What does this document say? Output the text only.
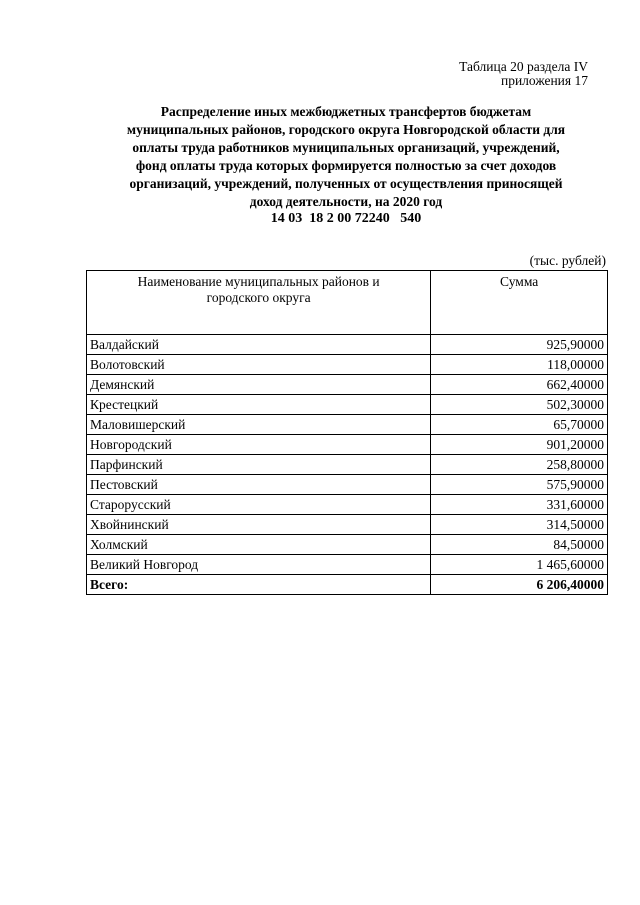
Таблица 20 раздела IV
приложения 17
Распределение иных межбюджетных трансфертов бюджетам
муниципальных районов, городского округа Новгородской области для
оплаты труда работников муниципальных организаций, учреждений,
фонд оплаты труда которых формируется полностью за счет доходов
организаций, учреждений, полученных от осуществления приносящей
доход деятельности, на 2020 год
14 03  18 2 00 72240   540
(тыс. рублей)
Наименование муниципальных районов и
городского округа	Сумма
Валдайский	925,90000
Волотовский	118,00000
Демянский	662,40000
Крестецкий	502,30000
Маловишерский	65,70000
Новгородский	901,20000
Парфинский	258,80000
Пестовский	575,90000
Старорусский	331,60000
Хвойнинский	314,50000
Холмский	84,50000
Великий Новгород	1 465,60000
Всего:	6 206,40000
